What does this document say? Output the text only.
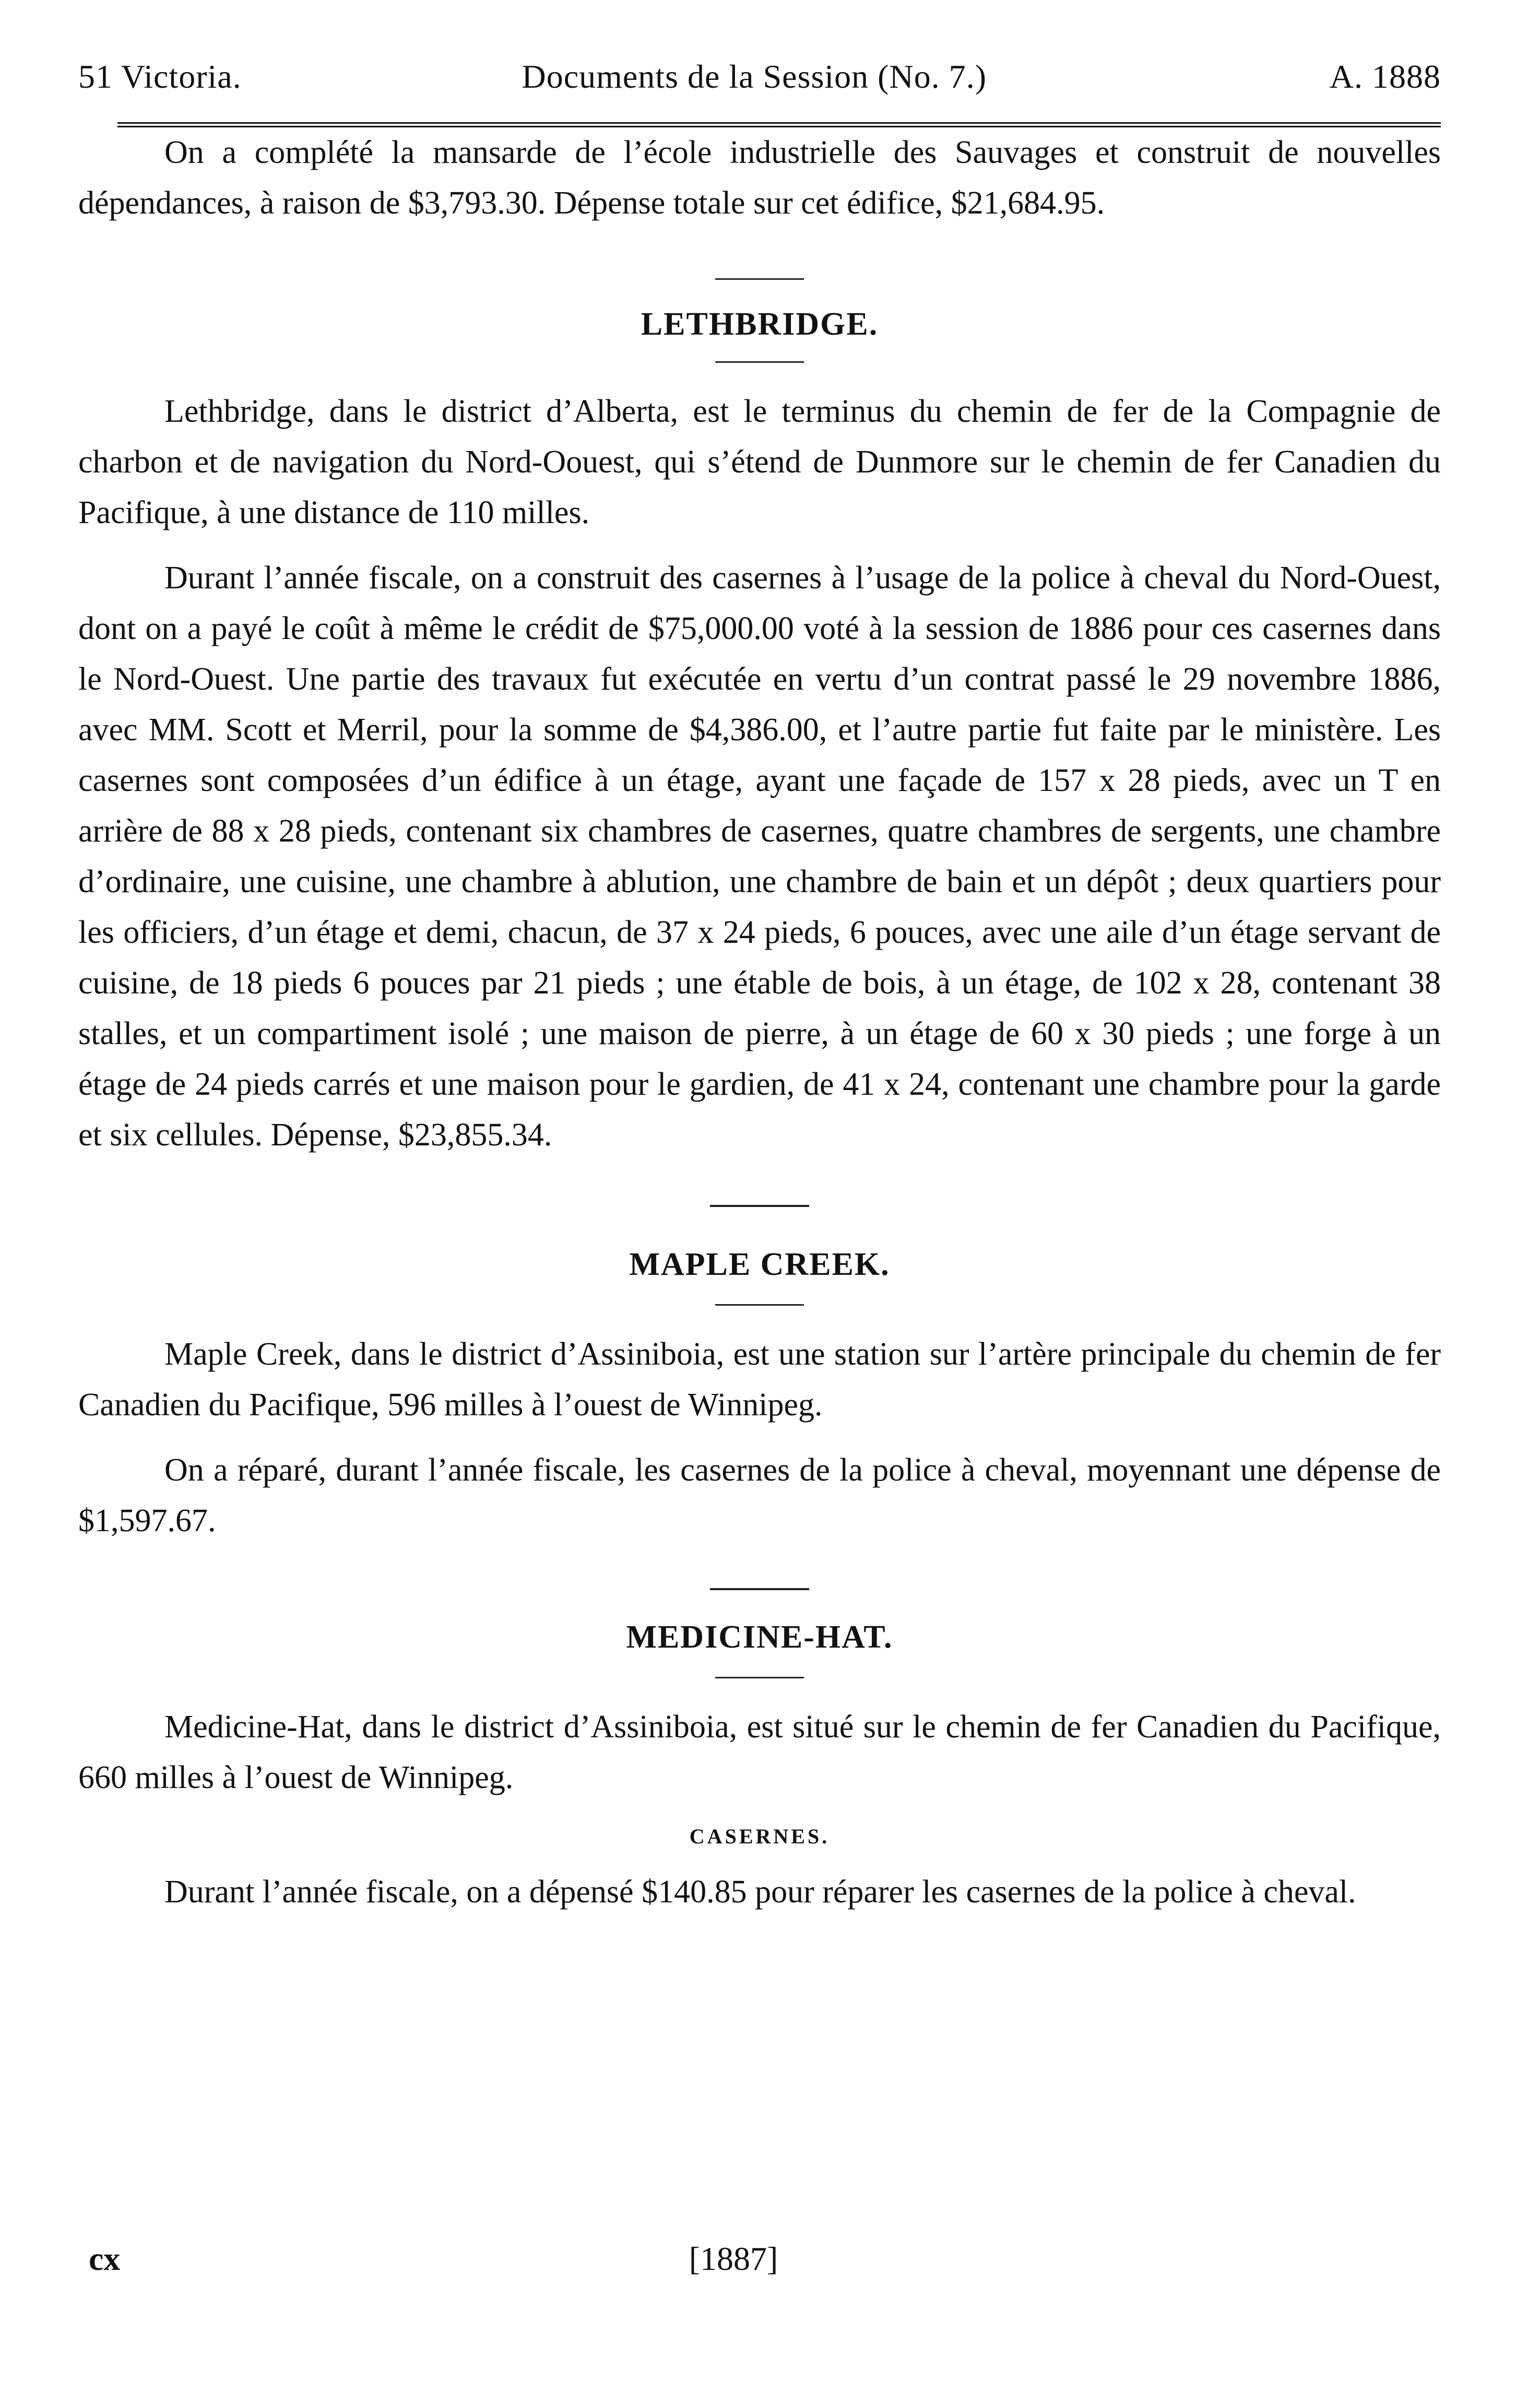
51 Victoria.	Documents de la Session (No. 7.)	A. 1888

On a complété la mansarde de l’école industrielle des Sauvages et construit de nouvelles dépendances, à raison de $3,793.30. Dépense totale sur cet édifice, $21,684.95.

LETHBRIDGE.

Lethbridge, dans le district d’Alberta, est le terminus du chemin de fer de la Compagnie de charbon et de navigation du Nord-Oouest, qui s’étend de Dunmore sur le chemin de fer Canadien du Pacifique, à une distance de 110 milles.

Durant l’année fiscale, on a construit des casernes à l’usage de la police à cheval du Nord-Ouest, dont on a payé le coût à même le crédit de $75,000.00 voté à la session de 1886 pour ces casernes dans le Nord-Ouest. Une partie des travaux fut exécutée en vertu d’un contrat passé le 29 novembre 1886, avec MM. Scott et Merril, pour la somme de $4,386.00, et l’autre partie fut faite par le ministère. Les casernes sont composées d’un édifice à un étage, ayant une façade de 157 x 28 pieds, avec un T en arrière de 88 x 28 pieds, contenant six chambres de casernes, quatre chambres de sergents, une chambre d’ordinaire, une cuisine, une chambre à ablution, une chambre de bain et un dépôt ; deux quartiers pour les officiers, d’un étage et demi, chacun, de 37 x 24 pieds, 6 pouces, avec une aile d’un étage servant de cuisine, de 18 pieds 6 pouces par 21 pieds ; une étable de bois, à un étage, de 102 x 28, contenant 38 stalles, et un compartiment isolé ; une maison de pierre, à un étage de 60 x 30 pieds ; une forge à un étage de 24 pieds carrés et une maison pour le gardien, de 41 x 24, contenant une chambre pour la garde et six cellules. Dépense, $23,855.34.

MAPLE CREEK.

Maple Creek, dans le district d’Assiniboia, est une station sur l’artère principale du chemin de fer Canadien du Pacifique, 596 milles à l’ouest de Winnipeg.

On a réparé, durant l’année fiscale, les casernes de la police à cheval, moyennant une dépense de $1,597.67.

MEDICINE-HAT.

Medicine-Hat, dans le district d’Assiniboia, est situé sur le chemin de fer Canadien du Pacifique, 660 milles à l’ouest de Winnipeg.

CASERNES.

Durant l’année fiscale, on a dépensé $140.85 pour réparer les casernes de la police à cheval.

cx	[1887]
